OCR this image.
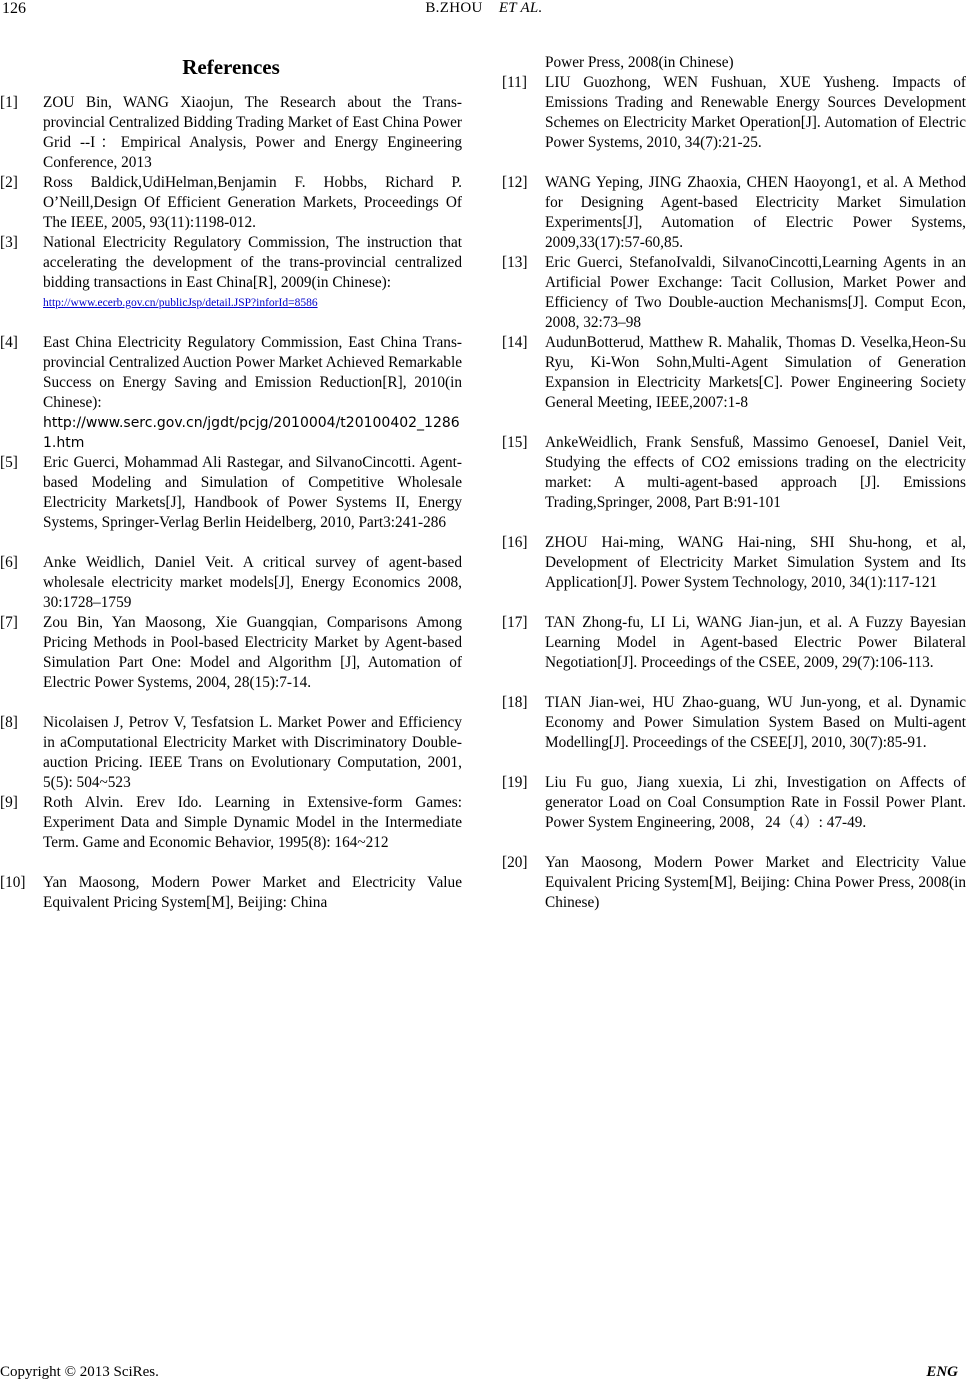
126	B.ZHOU ET AL.
References
[1] ZOU Bin, WANG Xiaojun, The Research about the Trans-provincial Centralized Bidding Trading Market of East China Power Grid --I：Empirical Analysis, Power and Energy Engineering Conference, 2013
[2] Ross Baldick,UdiHelman,Benjamin F. Hobbs, Richard P. O’Neill,Design Of Efficient Generation Markets, Proceedings Of The IEEE, 2005, 93(11):1198-012.
[3] National Electricity Regulatory Commission, The instruction that accelerating the development of the trans-provincial centralized bidding transactions in East China[R], 2009(in Chinese):
http://www.ecerb.gov.cn/publicJsp/detail.JSP?inforId=8586
[4] East China Electricity Regulatory Commission, East China Trans-provincial Centralized Auction Power Market Achieved Remarkable Success on Energy Saving and Emission Reduction[R], 2010(in Chinese):
http://www.serc.gov.cn/jgdt/pcjg/2010004/t20100402_12861.htm
[5] Eric Guerci, Mohammad Ali Rastegar, and SilvanoCincotti. Agent-based Modeling and Simulation of Competitive Wholesale Electricity Markets[J], Handbook of Power Systems II, Energy Systems, Springer-Verlag Berlin Heidelberg, 2010, Part3:241-286
[6] Anke Weidlich, Daniel Veit. A critical survey of agent-based wholesale electricity market models[J], Energy Economics 2008, 30:1728–1759
[7] Zou Bin, Yan Maosong, Xie Guangqian, Comparisons Among Pricing Methods in Pool-based Electricity Market by Agent-based Simulation Part One: Model and Algorithm [J], Automation of Electric Power Systems, 2004, 28(15):7-14.
[8] Nicolaisen J, Petrov V, Tesfatsion L. Market Power and Efficiency in aComputational Electricity Market with Discriminatory Double-auction Pricing. IEEE Trans on Evolutionary Computation, 2001, 5(5): 504~523
[9] Roth Alvin. Erev Ido. Learning in Extensive-form Games: Experiment Data and Simple Dynamic Model in the Intermediate Term. Game and Economic Behavior, 1995(8): 164~212
[10] Yan Maosong, Modern Power Market and Electricity Value Equivalent Pricing System[M], Beijing: China
Power Press, 2008(in Chinese)
[11] LIU Guozhong, WEN Fushuan, XUE Yusheng. Impacts of Emissions Trading and Renewable Energy Sources Development Schemes on Electricity Market Operation[J]. Automation of Electric Power Systems, 2010, 34(7):21-25.
[12] WANG Yeping, JING Zhaoxia, CHEN Haoyong1, et al. A Method for Designing Agent-based Electricity Market Simulation Experiments[J], Automation of Electric Power Systems, 2009,33(17):57-60,85.
[13] Eric Guerci, StefanoIvaldi, SilvanoCincotti,Learning Agents in an Artificial Power Exchange: Tacit Collusion, Market Power and Efficiency of Two Double-auction Mechanisms[J]. Comput Econ, 2008, 32:73–98
[14] AudunBotterud, Matthew R. Mahalik, Thomas D. Veselka,Heon-Su Ryu, Ki-Won Sohn,Multi-Agent Simulation of Generation Expansion in Electricity Markets[C]. Power Engineering Society General Meeting, IEEE,2007:1-8
[15] AnkeWeidlich, Frank Sensfuß, Massimo GenoeseI, Daniel Veit, Studying the effects of CO2 emissions trading on the electricity market: A multi-agent-based approach [J]. Emissions Trading,Springer, 2008, Part B:91-101
[16] ZHOU Hai-ming, WANG Hai-ning, SHI Shu-hong, et al, Development of Electricity Market Simulation System and Its Application[J]. Power System Technology, 2010, 34(1):117-121
[17] TAN Zhong-fu, LI Li, WANG Jian-jun, et al. A Fuzzy Bayesian Learning Model in Agent-based Electric Power Bilateral Negotiation[J]. Proceedings of the CSEE, 2009, 29(7):106-113.
[18] TIAN Jian-wei, HU Zhao-guang, WU Jun-yong, et al. Dynamic Economy and Power Simulation System Based on Multi-agent Modelling[J]. Proceedings of the CSEE[J], 2010, 30(7):85-91.
[19] Liu Fu guo, Jiang xuexia, Li zhi, Investigation on Affects of generator Load on Coal Consumption Rate in Fossil Power Plant. Power System Engineering, 2008，24（4）: 47-49.
[20] Yan Maosong, Modern Power Market and Electricity Value Equivalent Pricing System[M], Beijing: China Power Press, 2008(in Chinese)
Copyright © 2013 SciRes.	ENG
